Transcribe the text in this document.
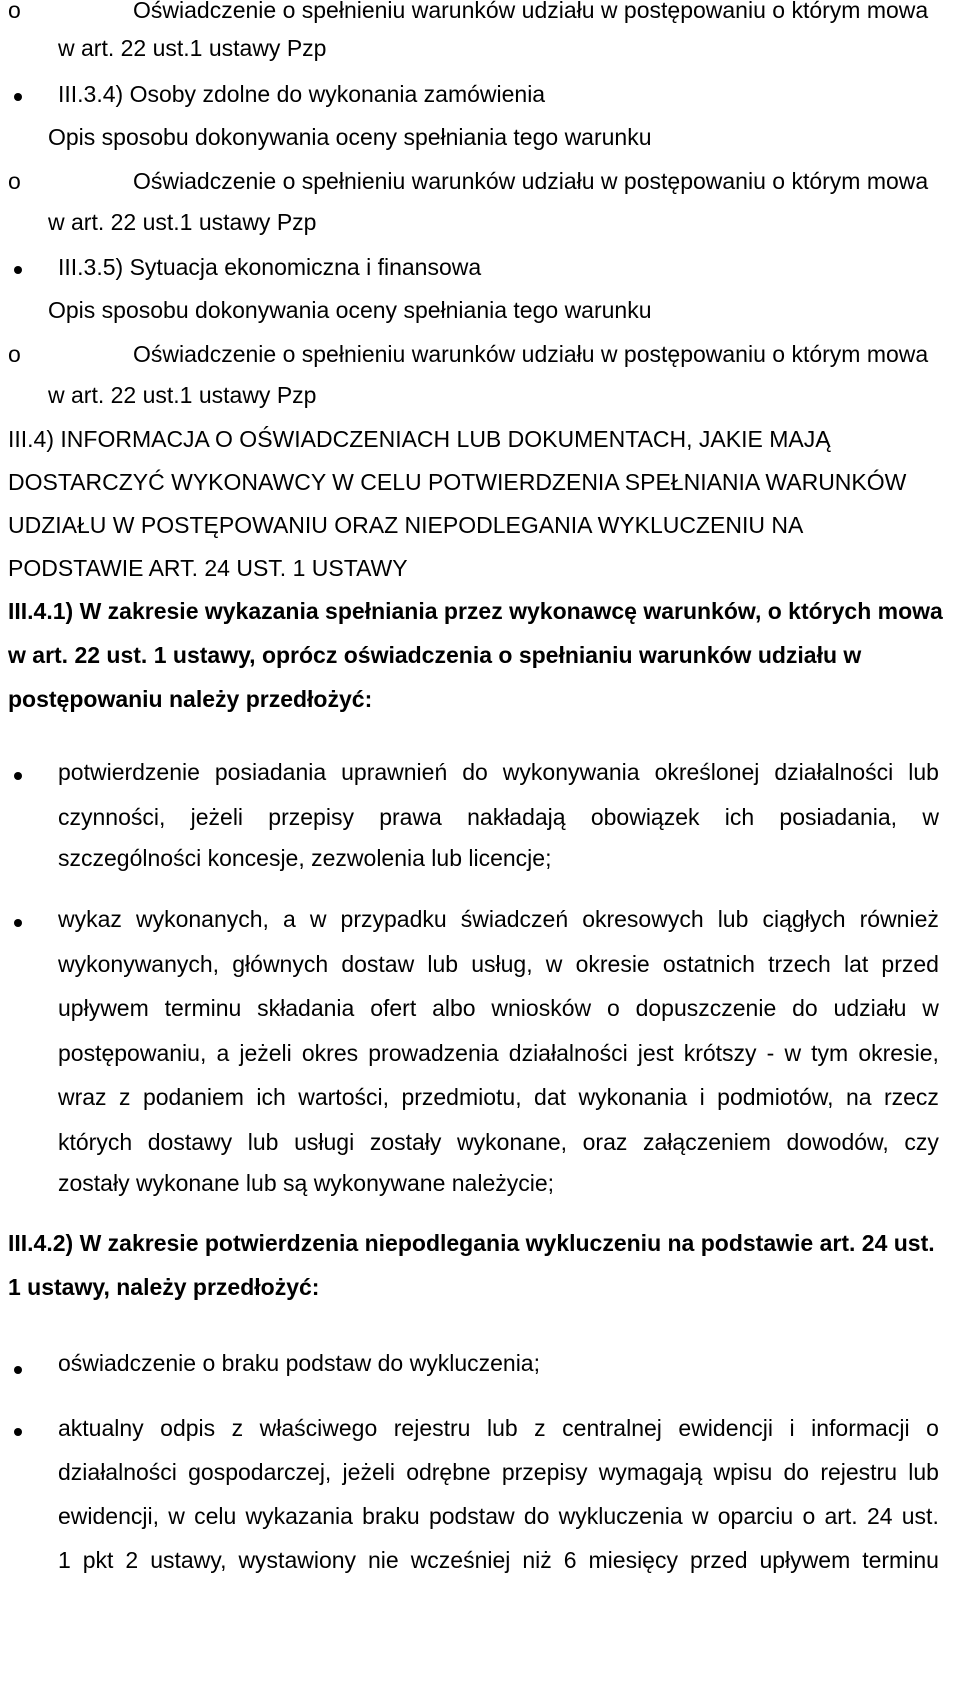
o	Oświadczenie o spełnieniu warunków udziału w postępowaniu o którym mowa
w art. 22 ust.1 ustawy Pzp
III.3.4) Osoby zdolne do wykonania zamówienia
Opis sposobu dokonywania oceny spełniania tego warunku
o	Oświadczenie o spełnieniu warunków udziału w postępowaniu o którym mowa
w art. 22 ust.1 ustawy Pzp
III.3.5) Sytuacja ekonomiczna i finansowa
Opis sposobu dokonywania oceny spełniania tego warunku
o	Oświadczenie o spełnieniu warunków udziału w postępowaniu o którym mowa
w art. 22 ust.1 ustawy Pzp
III.4) INFORMACJA O OŚWIADCZENIACH LUB DOKUMENTACH, JAKIE MAJĄ
DOSTARCZYĆ WYKONAWCY W CELU POTWIERDZENIA SPEŁNIANIA WARUNKÓW
UDZIAŁU W POSTĘPOWANIU ORAZ NIEPODLEGANIA WYKLUCZENIU NA
PODSTAWIE ART. 24 UST. 1 USTAWY
III.4.1) W zakresie wykazania spełniania przez wykonawcę warunków, o których mowa
w art. 22 ust. 1 ustawy, oprócz oświadczenia o spełnianiu warunków udziału w
postępowaniu należy przedłożyć:
potwierdzenie posiadania uprawnień do wykonywania określonej działalności lub
czynności, jeżeli przepisy prawa nakładają obowiązek ich posiadania, w
szczególności koncesje, zezwolenia lub licencje;
wykaz wykonanych, a w przypadku świadczeń okresowych lub ciągłych również
wykonywanych, głównych dostaw lub usług, w okresie ostatnich trzech lat przed
upływem terminu składania ofert albo wniosków o dopuszczenie do udziału w
postępowaniu, a jeżeli okres prowadzenia działalności jest krótszy - w tym okresie,
wraz z podaniem ich wartości, przedmiotu, dat wykonania i podmiotów, na rzecz
których dostawy lub usługi zostały wykonane, oraz załączeniem dowodów, czy
zostały wykonane lub są wykonywane należycie;
III.4.2) W zakresie potwierdzenia niepodlegania wykluczeniu na podstawie art. 24 ust.
1 ustawy, należy przedłożyć:
oświadczenie o braku podstaw do wykluczenia;
aktualny odpis z właściwego rejestru lub z centralnej ewidencji i informacji o
działalności gospodarczej, jeżeli odrębne przepisy wymagają wpisu do rejestru lub
ewidencji, w celu wykazania braku podstaw do wykluczenia w oparciu o art. 24 ust.
1 pkt 2 ustawy, wystawiony nie wcześniej niż 6 miesięcy przed upływem terminu
